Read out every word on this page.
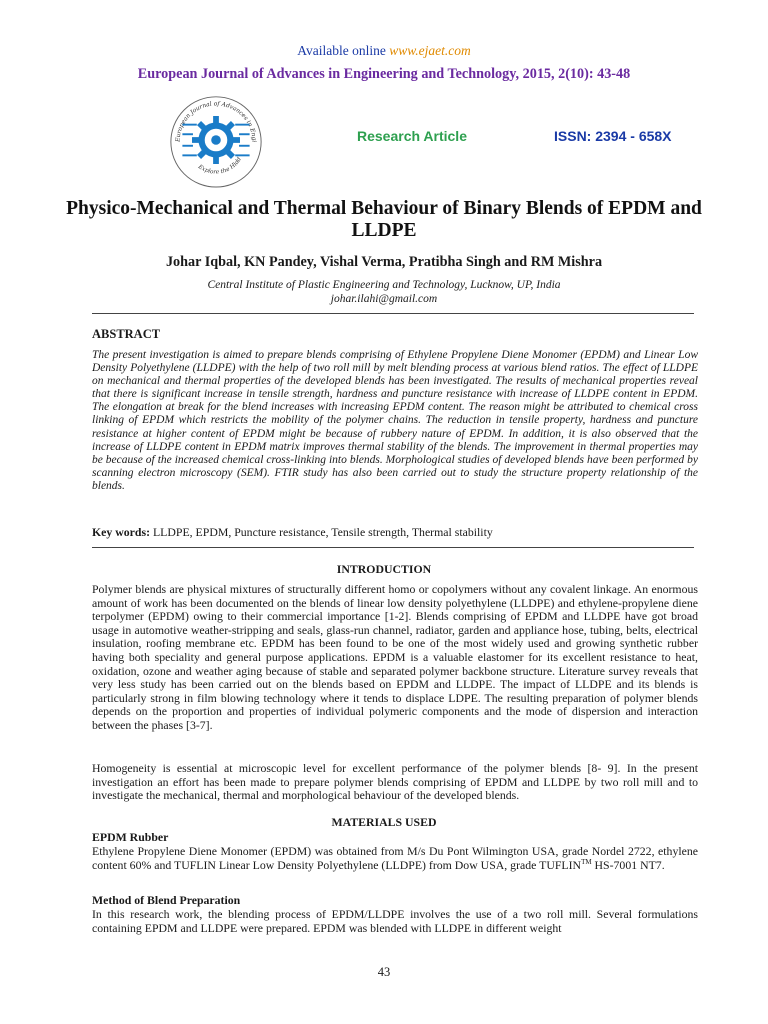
Available online www.ejaet.com
European Journal of Advances in Engineering and Technology, 2015, 2(10): 43-48
European Journal of Advances in Engi
Explore the Hidd
Research Article	ISSN: 2394 - 658X
Physico-Mechanical and Thermal Behaviour of Binary Blends of EPDM and LLDPE
Johar Iqbal, KN Pandey, Vishal Verma, Pratibha Singh and RM Mishra
Central Institute of Plastic Engineering and Technology, Lucknow, UP, India
johar.ilahi@gmail.com
ABSTRACT

The present investigation is aimed to prepare blends comprising of Ethylene Propylene Diene Monomer (EPDM) and Linear Low Density Polyethylene (LLDPE) with the help of two roll mill by melt blending process at various blend ratios. The effect of LLDPE on mechanical and thermal properties of the developed blends has been investigated. The results of mechanical properties reveal that there is significant increase in tensile strength, hardness and puncture resistance with increase of LLDPE content in EPDM. The elongation at break for the blend increases with increasing EPDM content. The reason might be attributed to chemical cross linking of EPDM which restricts the mobility of the polymer chains. The reduction in tensile property, hardness and puncture resistance at higher content of EPDM might be because of rubbery nature of EPDM. In addition, it is also observed that the increase of LLDPE content in EPDM matrix improves thermal stability of the blends. The improvement in thermal properties may be because of the increased chemical cross-linking into blends. Morphological studies of developed blends have been performed by scanning electron microscopy (SEM). FTIR study has also been carried out to study the structure property relationship of the blends.

Key words: LLDPE, EPDM, Puncture resistance, Tensile strength, Thermal stability
INTRODUCTION

Polymer blends are physical mixtures of structurally different homo or copolymers without any covalent linkage. An enormous amount of work has been documented on the blends of linear low density polyethylene (LLDPE) and ethylene-propylene diene terpolymer (EPDM) owing to their commercial importance [1-2]. Blends comprising of EPDM and LLDPE have got broad usage in automotive weather-stripping and seals, glass-run channel, radiator, garden and appliance hose, tubing, belts, electrical insulation, roofing membrane etc. EPDM has been found to be one of the most widely used and growing synthetic rubber having both speciality and general purpose applications. EPDM is a valuable elastomer for its excellent resistance to heat, oxidation, ozone and weather aging because of stable and separated polymer backbone structure. Literature survey reveals that very less study has been carried out on the blends based on EPDM and LLDPE. The impact of LLDPE and its blends is particularly strong in film blowing technology where it tends to displace LDPE. The resulting preparation of polymer blends depends on the proportion and properties of individual polymeric components and the mode of dispersion and interaction between the phases [3-7].

Homogeneity is essential at microscopic level for excellent performance of the polymer blends [8- 9]. In the present investigation an effort has been made to prepare polymer blends comprising of EPDM and LLDPE by two roll mill and to investigate the mechanical, thermal and morphological behaviour of the developed blends.

MATERIALS USED
EPDM Rubber
Ethylene Propylene Diene Monomer (EPDM) was obtained from M/s Du Pont Wilmington USA, grade Nordel 2722, ethylene content 60% and TUFLIN Linear Low Density Polyethylene (LLDPE) from Dow USA, grade TUFLIN™ HS-7001 NT7.
Method of Blend Preparation

In this research work, the blending process of EPDM/LLDPE involves the use of a two roll mill. Several formulations containing EPDM and LLDPE were prepared. EPDM was blended with LLDPE in different weight

43
